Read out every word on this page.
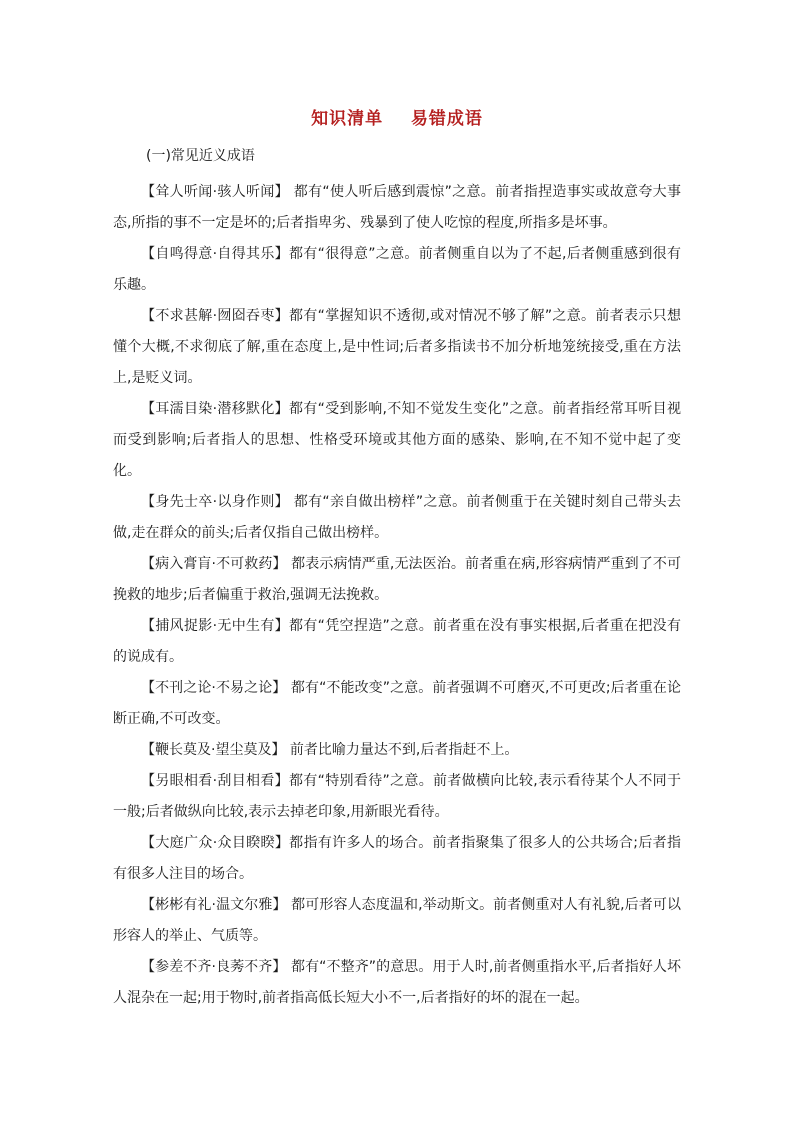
知识清单    易错成语
(一)常见近义成语

【耸人听闻·骇人听闻】 都有“使人听后感到震惊”之意。前者指捏造事实或故意夸大事态,所指的事不一定是坏的;后者指卑劣、残暴到了使人吃惊的程度,所指多是坏事。

【自鸣得意·自得其乐】都有“很得意”之意。前者侧重自以为了不起,后者侧重感到很有乐趣。

【不求甚解·囫囵吞枣】都有“掌握知识不透彻,或对情况不够了解”之意。前者表示只想懂个大概,不求彻底了解,重在态度上,是中性词;后者多指读书不加分析地笼统接受,重在方法上,是贬义词。

【耳濡目染·潜移默化】都有“受到影响,不知不觉发生变化”之意。前者指经常耳听目视而受到影响;后者指人的思想、性格受环境或其他方面的感染、影响,在不知不觉中起了变化。

【身先士卒·以身作则】 都有“亲自做出榜样”之意。前者侧重于在关键时刻自己带头去做,走在群众的前头;后者仅指自己做出榜样。

【病入膏肓·不可救药】 都表示病情严重,无法医治。前者重在病,形容病情严重到了不可挽救的地步;后者偏重于救治,强调无法挽救。

【捕风捉影·无中生有】都有“凭空捏造”之意。前者重在没有事实根据,后者重在把没有的说成有。

【不刊之论·不易之论】 都有“不能改变”之意。前者强调不可磨灭,不可更改;后者重在论断正确,不可改变。

【鞭长莫及·望尘莫及】 前者比喻力量达不到,后者指赶不上。

【另眼相看·刮目相看】都有“特别看待”之意。前者做横向比较,表示看待某个人不同于一般;后者做纵向比较,表示去掉老印象,用新眼光看待。

【大庭广众·众目睽睽】都指有许多人的场合。前者指聚集了很多人的公共场合;后者指有很多人注目的场合。

【彬彬有礼·温文尔雅】 都可形容人态度温和,举动斯文。前者侧重对人有礼貌,后者可以形容人的举止、气质等。

【参差不齐·良莠不齐】 都有“不整齐”的意思。用于人时,前者侧重指水平,后者指好人坏人混杂在一起;用于物时,前者指高低长短大小不一,后者指好的坏的混在一起。
